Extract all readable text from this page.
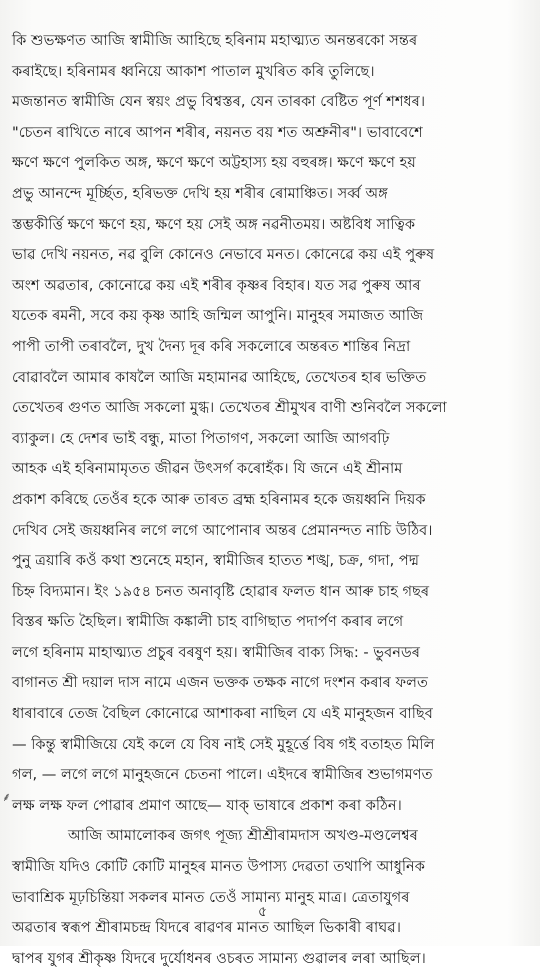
⸙
কি শুভক্ষণত আজি স্বামীজি আহিছে হৰিনাম মহাত্ম্যত অনন্তৰকো সন্তৰ
কৰাইছে। হৰিনামৰ ধ্বনিয়ে আকাশ পাতাল মুখৰিত কৰি তুলিছে।
মজন্তানত স্বামীজি যেন স্বয়ং প্ৰভু বিশ্বস্তৰ, যেন তাৰকা বেষ্টিত পূৰ্ণ শশধৰ।
"চেতন ৰাখিতে নাৰে আপন শৰীৰ, নয়নত বয় শত অশ্ৰুনীৰ"। ভাবাবেশে
ক্ষণে ক্ষণে পুলকিত অঙ্গ, ক্ষণে ক্ষণে অট্টহাস্য হয় বহুৰঙ্গ। ক্ষণে ক্ষণে হয়
প্ৰভু আনন্দে মূৰ্চ্ছিত, হৰিভক্ত দেখি হয় শৰীৰ ৰোমাঞ্চিত। সৰ্ব্ব অঙ্গ
স্তম্ভকীৰ্ত্তি ক্ষণে ক্ষণে হয়, ক্ষণে হয় সেই অঙ্গ নৱনীতময়। অষ্টবিধ সাত্বিক
ভাৱ দেখি নয়নত, নৱ বুলি কোনেও নেভাবে মনত। কোনেৱে কয় এই পুৰুষ
অংশ অৱতাৰ, কোনোৱে কয় এই শৰীৰ কৃষ্ণৰ বিহাৰ। যত সৱ পুৰুষ আৰ
যতেক ৰমনী, সবে কয় কৃষ্ণ আহি জন্মিল আপুনি। মানুহৰ সমাজত আজি
পাপী তাপী তৰাবলৈ, দুখ দৈন্য দূৰ কৰি সকলোৰে অন্তৰত শান্তিৰ নিদ্ৰা
বোৱাবলৈ আমাৰ কাষলৈ আজি মহামানৱ আহিছে, তেখেতৰ হাৰ ভক্তিত
তেখেতৰ গুণত আজি সকলো মুগ্ধ। তেখেতৰ শ্ৰীমুখৰ বাণী শুনিবলৈ সকলো
ব্যাকুল। হে দেশৰ ভাই বন্ধু, মাতা পিতাগণ, সকলো আজি আগবঢ়ি
আহক এই হৰিনামামৃতত জীৱন উৎসৰ্গ কৰোহঁক। যি জনে এই শ্ৰীনাম
প্ৰকাশ কৰিছে তেওঁৰ হকে আৰু তাৰত ব্ৰহ্ম হৰিনামৰ হকে জয়ধ্বনি দিয়ক
দেখিব সেই জয়ধ্বনিৰ লগে লগে আপোনাৰ অন্তৰ প্ৰেমানন্দত নাচি উঠিব।
পুনু ত্ৰয়াৰি কওঁ কথা শুনেহে মহান, স্বামীজিৰ হাতত শঙ্খ, চক্ৰ, গদা, পদ্ম
চিহ্ন বিদ্যমান। ইং ১৯৫৪ চনত অনাবৃষ্টি হোৱাৰ ফলত ধান আৰু চাহ গছৰ
বিস্তৰ ক্ষতি হৈছিল। স্বামীজি কঙ্কালী চাহ বাগিছাত পদাৰ্পণ কৰাৰ লগে
লগে হৰিনাম মাহাত্ম্যত প্ৰচুৰ বৰষুণ হয়। স্বামীজিৰ বাক্য সিদ্ধ: - ভুবনডৰ
বাগানত শ্ৰী দয়াল দাস নামে এজন ভক্তক তক্ষক নাগে দংশন কৰাৰ ফলত
ধাৰাবাৰে তেজ বৈছিল কোনোৱে আশাকৰা নাছিল যে এই মানুহজন বাছিব
— কিন্তু স্বামীজিয়ে যেই কলে যে বিষ নাই সেই মুহূৰ্ত্তে বিষ গই বতাহত মিলি
গল, — লগে লগে মানুহজনে চেতনা পালে। এইদৰে স্বামীজিৰ শুভাগমণত
লক্ষ লক্ষ ফল পোৱাৰ প্ৰমাণ আছে— যাক্ ভাষাৰে প্ৰকাশ কৰা কঠিন।
আজি আমালোকৰ জগৎ পূজ্য শ্ৰীশ্ৰীৰামদাস অখণ্ড-মণ্ডলেশ্বৰ
স্বামীজি যদিও কোটি কোটি মানুহৰ মানত উপাস্য দেৱতা তথাপি আধুনিক
ভাবাশ্ৰিক মূঢ়চিন্তিয়া সকলৰ মানত তেওঁ সামান্য মানুহ মাত্ৰ। ত্ৰেতাযুগৰ
অৱতাৰ স্বৰূপ শ্ৰীৰামচন্দ্ৰ যিদৰে ৰাৱণৰ মানত আছিল ভিকাৰী ৰাঘৱ।
দ্বাপৰ যুগৰ শ্ৰীকৃষ্ণ যিদৰে দুৰ্যোধনৰ ওচৰত সামান্য গুৱালৰ লৰা আছিল।
৫
